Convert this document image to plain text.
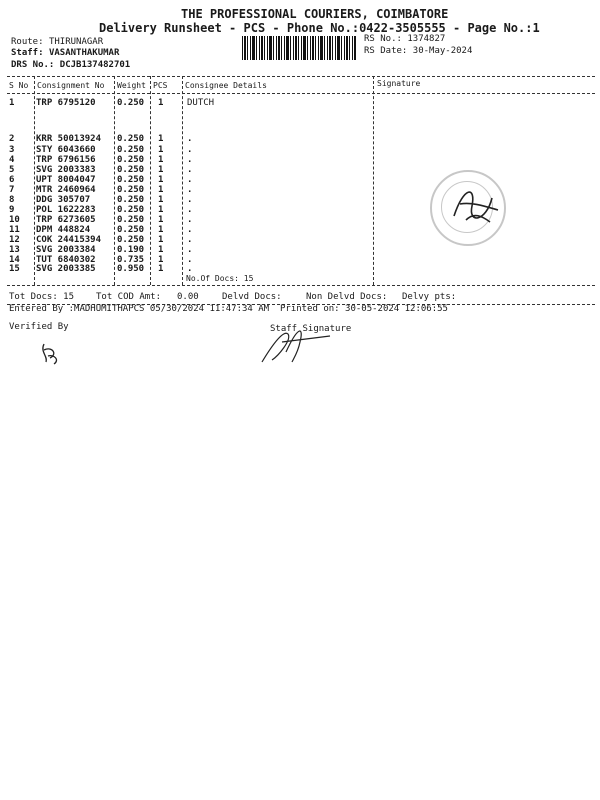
THE PROFESSIONAL COURIERS, COIMBATORE
Delivery Runsheet - PCS - Phone No.:0422-3505555 - Page No.:1
Route: THIRUNAGAR
Staff: VASANTHAKUMAR
DRS No.: DCJB137482701
RS No.: 1374827
RS Date: 30-May-2024
S No Consignment No Weight PCS Consignee Details	Signature
1 TRP 6795120 0.250 1	DUTCH
2 KRR 50013924 0.250 1	.
3 STY 6043660 0.250 1	.
4 TRP 6796156 0.250 1	.
5 SVG 2003383 0.250 1	.
6 UPT 8004047 0.250 1	.
7 MTR 2460964 0.250 1	.
8 DDG 305707	0.250 1	.
9 POL 1622283 0.250 1	.
10 TRP 6273605 0.250 1	.
11 DPM 448824	0.250 1	.
12 COK 24415394 0.250 1	.
13 SVG 2003384 0.190 1	.
14 TUT 6840302 0.735 1	.
15 SVG 2003385 0.950 1	.
No.Of Docs: 15
Tot Docs: 15 Tot COD Amt: 0.00	Delvd Docs:	Non Delvd Docs: Delvy pts:
Entered By :MADHUMITHAPCS 05/30/2024 11:47:34 AM Printed on: 30-05-2024 12:06:55
Verified By	Staff Signature
